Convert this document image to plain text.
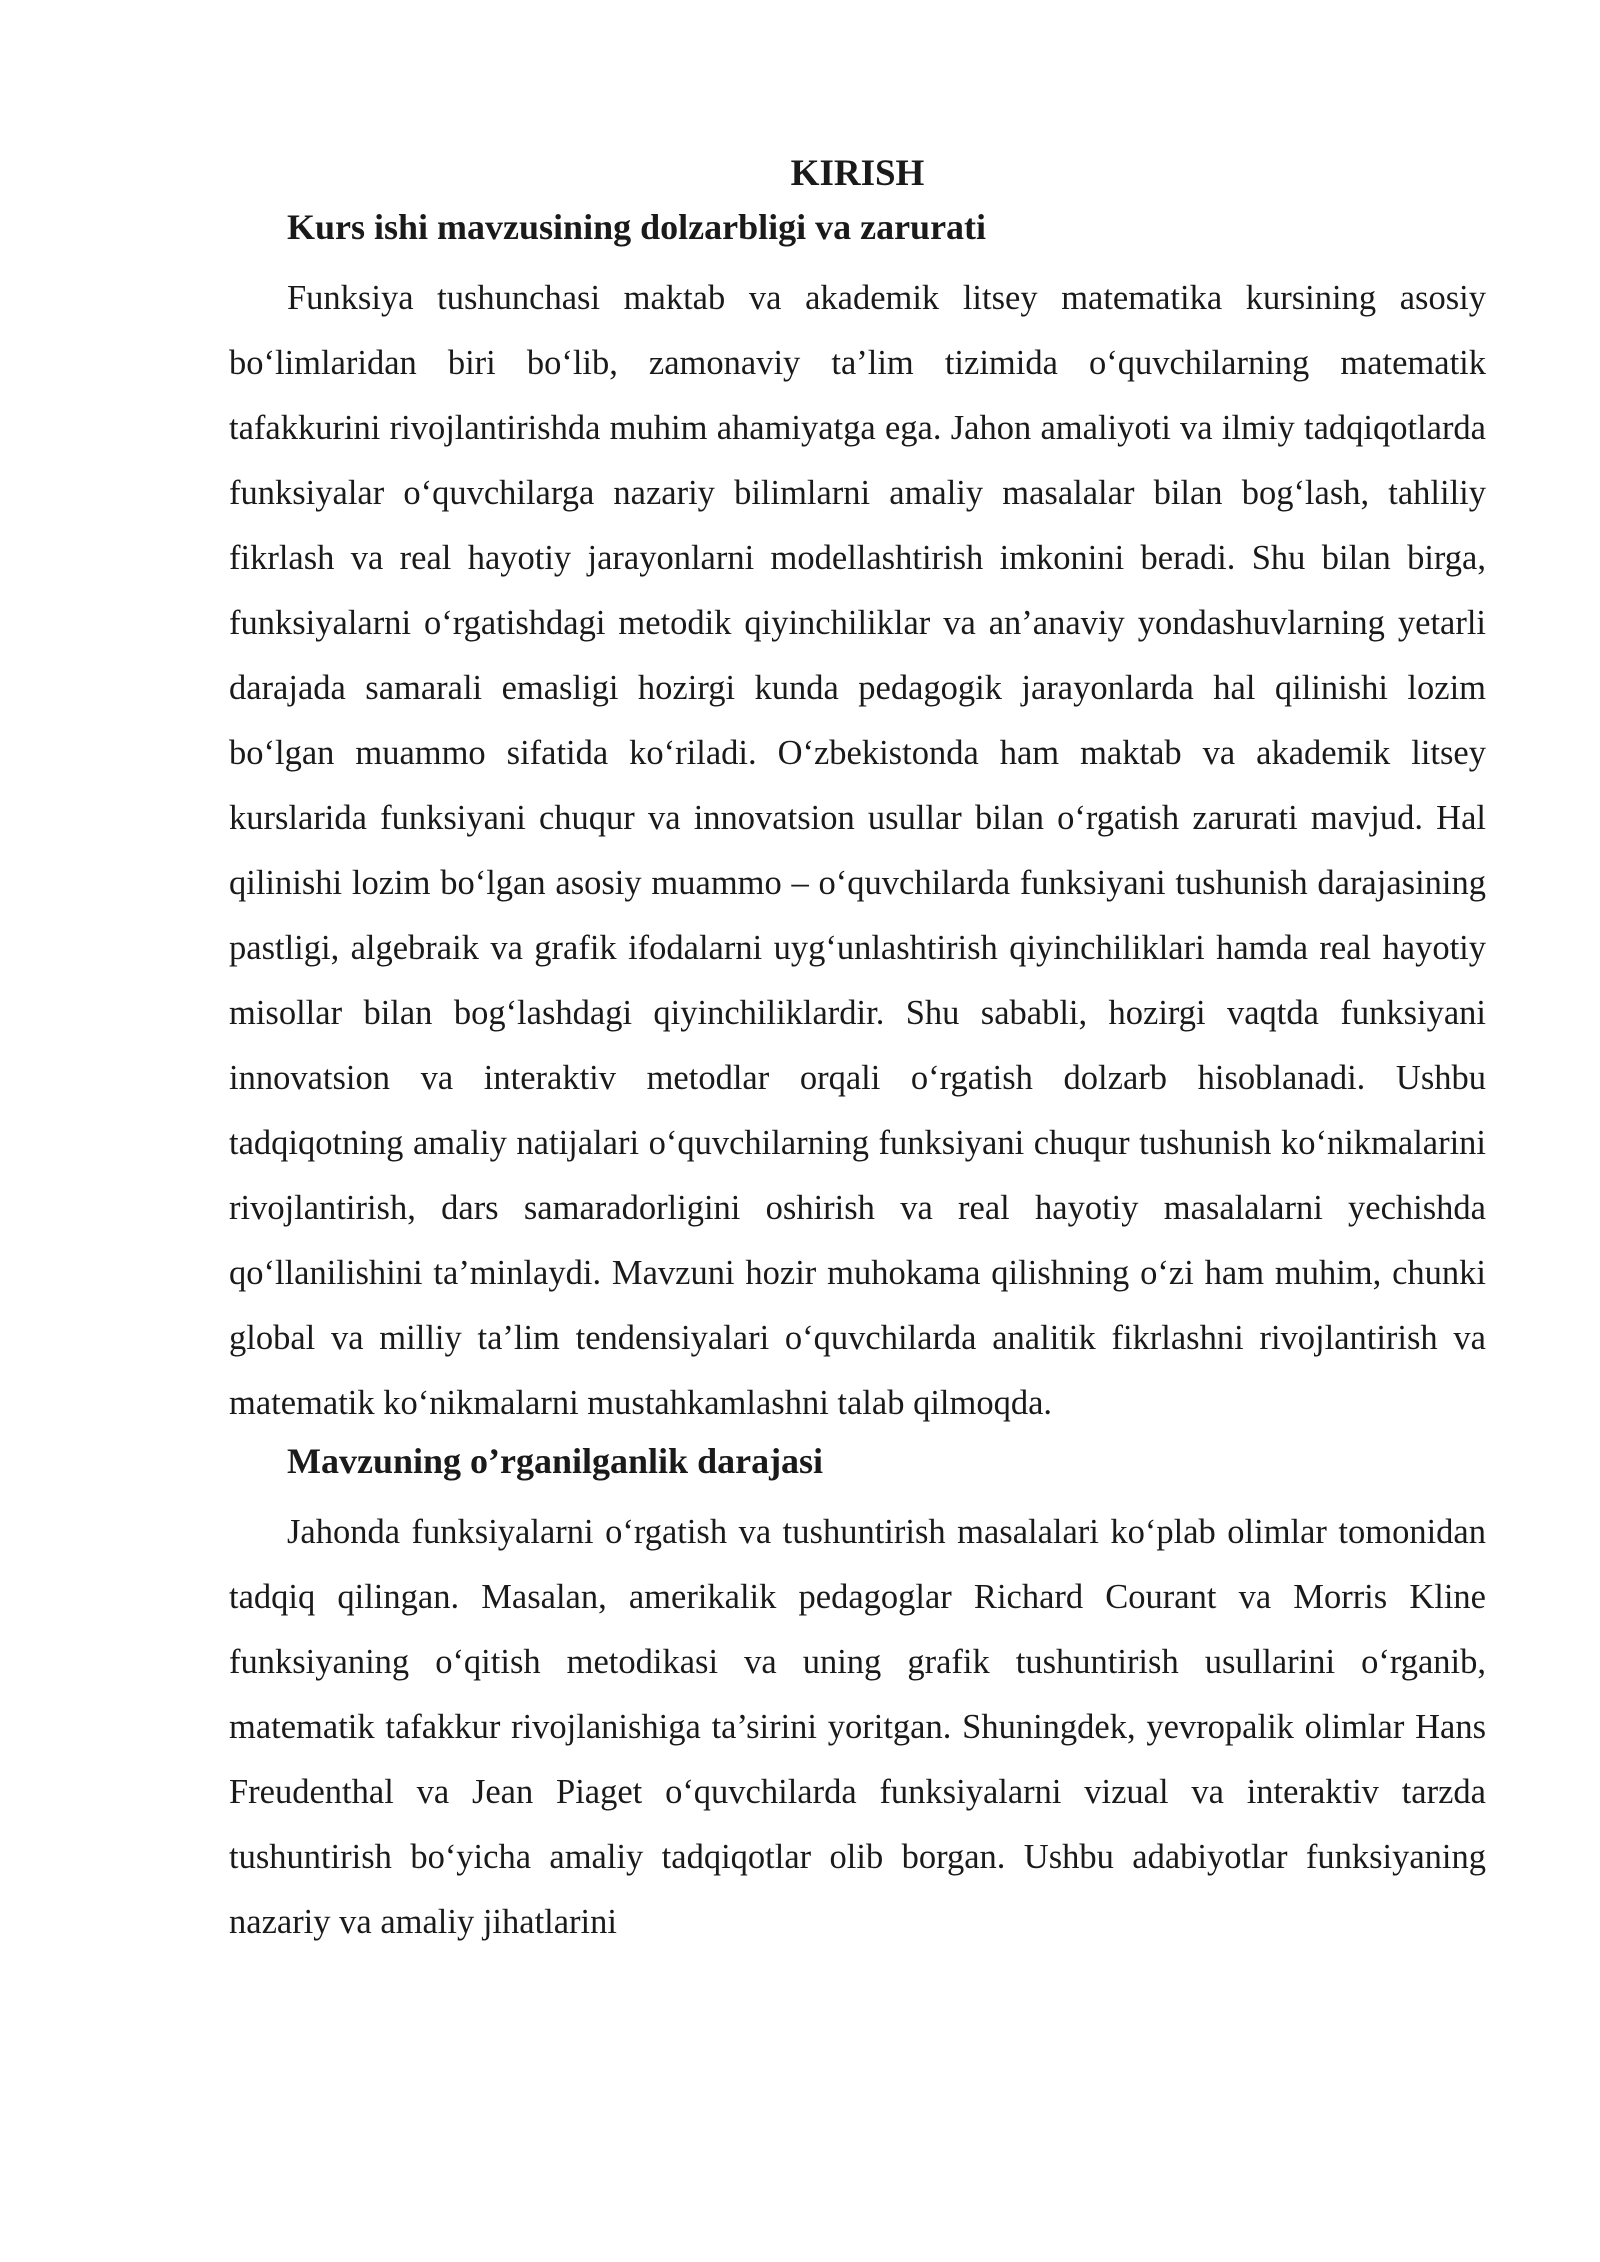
KIRISH
Kurs ishi mavzusining dolzarbligi va zarurati

Funksiya tushunchasi maktab va akademik litsey matematika kursining asosiy bo‘limlaridan biri bo‘lib, zamonaviy ta’lim tizimida o‘quvchilarning matematik tafakkurini rivojlantirishda muhim ahamiyatga ega. Jahon amaliyoti va ilmiy tadqiqotlarda funksiyalar o‘quvchilarga nazariy bilimlarni amaliy masalalar bilan bog‘lash, tahliliy fikrlash va real hayotiy jarayonlarni modellashtirish imkonini beradi. Shu bilan birga, funksiyalarni o‘rgatishdagi metodik qiyinchiliklar va an’anaviy yondashuvlarning yetarli darajada samarali emasligi hozirgi kunda pedagogik jarayonlarda hal qilinishi lozim bo‘lgan muammo sifatida ko‘riladi. O‘zbekistonda ham maktab va akademik litsey kurslarida funksiyani chuqur va innovatsion usullar bilan o‘rgatish zarurati mavjud. Hal qilinishi lozim bo‘lgan asosiy muammo – o‘quvchilarda funksiyani tushunish darajasining pastligi, algebraik va grafik ifodalarni uyg‘unlashtirish qiyinchiliklari hamda real hayotiy misollar bilan bog‘lashdagi qiyinchiliklardir. Shu sababli, hozirgi vaqtda funksiyani innovatsion va interaktiv metodlar orqali o‘rgatish dolzarb hisoblanadi. Ushbu tadqiqotning amaliy natijalari o‘quvchilarning funksiyani chuqur tushunish ko‘nikmalarini rivojlantirish, dars samaradorligini oshirish va real hayotiy masalalarni yechishda qo‘llanilishini ta’minlaydi. Mavzuni hozir muhokama qilishning o‘zi ham muhim, chunki global va milliy ta’lim tendensiyalari o‘quvchilarda analitik fikrlashni rivojlantirish va matematik ko‘nikmalarni mustahkamlashni talab qilmoqda.

Mavzuning o’rganilganlik darajasi

Jahonda funksiyalarni o‘rgatish va tushuntirish masalalari ko‘plab olimlar tomonidan tadqiq qilingan. Masalan, amerikalik pedagoglar Richard Courant va Morris Kline funksiyaning o‘qitish metodikasi va uning grafik tushuntirish usullarini o‘rganib, matematik tafakkur rivojlanishiga ta’sirini yoritgan. Shuningdek, yevropalik olimlar Hans Freudenthal va Jean Piaget o‘quvchilarda funksiyalarni vizual va interaktiv tarzda tushuntirish bo‘yicha amaliy tadqiqotlar olib borgan. Ushbu adabiyotlar funksiyaning nazariy va amaliy jihatlarini
